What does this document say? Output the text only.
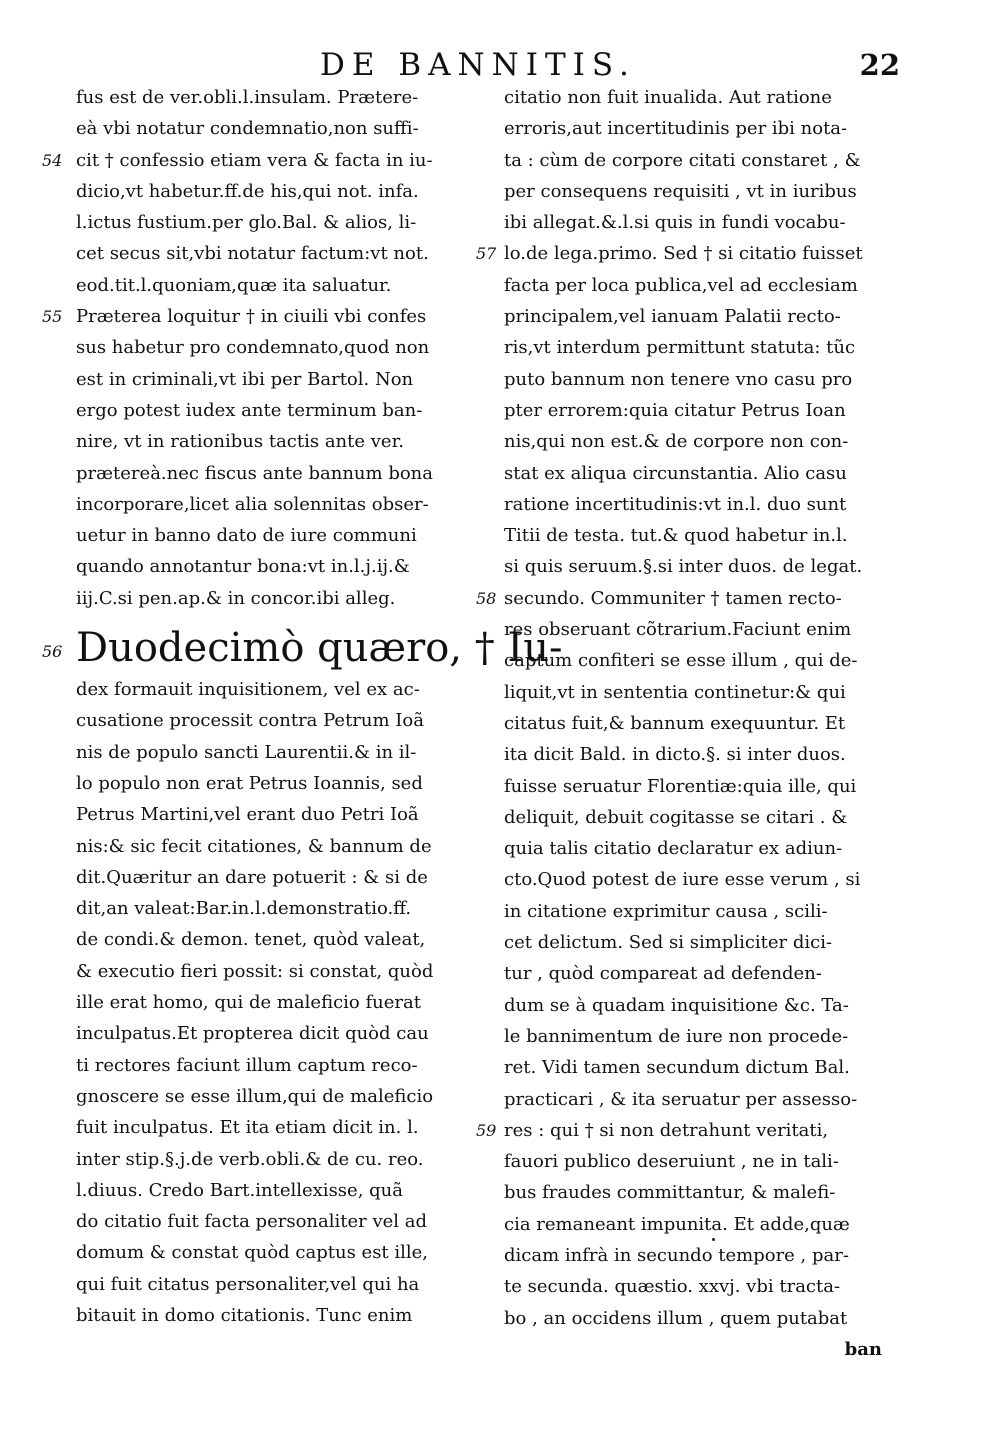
DE BANNITIS.	22
fus est de ver.obli.l.insulam. Prætere-
eà vbi notatur condemnatio,non suffi-
54 cit † confessio etiam vera & facta in iu-
dicio,vt habetur.ff.de his,qui not. infa.
l.ictus fustium.per glo.Bal. & alios, li-
cet secus sit,vbi notatur factum:vt not.
eod.tit.l.quoniam,quæ ita saluatur.
55 Præterea loquitur † in ciuili vbi confes
sus habetur pro condemnato,quod non
est in criminali,vt ibi per Bartol. Non
ergo potest iudex ante terminum ban-
nire, vt in rationibus tactis ante ver.
prætereà.nec fiscus ante bannum bona
incorporare,licet alia solennitas obser-
uetur in banno dato de iure communi
quando annotantur bona:vt in.l.j.ij.&
iij.C.si pen.ap.& in concor.ibi alleg.
56 Duodecimò quæro, † Iu-
dex formauit inquisitionem, vel ex ac-
cusatione processit contra Petrum Ioã
nis de populo sancti Laurentii.& in il-
lo populo non erat Petrus Ioannis, sed
Petrus Martini,vel erant duo Petri Ioã
nis:& sic fecit citationes, & bannum de
dit.Quæritur an dare potuerit : & si de
dit,an valeat:Bar.in.l.demonstratio.ff.
de condi.& demon. tenet, quòd valeat,
& executio fieri possit: si constat, quòd
ille erat homo, qui de maleficio fuerat
inculpatus.Et propterea dicit quòd cau
ti rectores faciunt illum captum reco-
gnoscere se esse illum,qui de maleficio
fuit inculpatus. Et ita etiam dicit in. l.
inter stip.§.j.de verb.obli.& de cu. reo.
l.diuus. Credo Bart.intellexisse, quã
do citatio fuit facta personaliter vel ad
domum & constat quòd captus est ille,
qui fuit citatus personaliter,vel qui ha
bitauit in domo citationis. Tunc enim
citatio non fuit inualida. Aut ratione
erroris,aut incertitudinis per ibi nota-
ta : cùm de corpore citati constaret , &
per consequens requisiti , vt in iuribus
ibi allegat.&.l.si quis in fundi vocabu-
57 lo.de lega.primo. Sed † si citatio fuisset
facta per loca publica,vel ad ecclesiam
principalem,vel ianuam Palatii recto-
ris,vt interdum permittunt statuta: tũc
puto bannum non tenere vno casu pro
pter errorem:quia citatur Petrus Ioan
nis,qui non est.& de corpore non con-
stat ex aliqua circunstantia. Alio casu
ratione incertitudinis:vt in.l. duo sunt
Titii de testa. tut.& quod habetur in.l.
si quis seruum.§.si inter duos. de legat.
58 secundo. Communiter † tamen recto-
res obseruant cõtrarium.Faciunt enim
captum confiteri se esse illum , qui de-
liquit,vt in sententia continetur:& qui
citatus fuit,& bannum exequuntur. Et
ita dicit Bald. in dicto.§. si inter duos.
fuisse seruatur Florentiæ:quia ille, qui
deliquit, debuit cogitasse se citari . &
quia talis citatio declaratur ex adiun-
cto.Quod potest de iure esse verum , si
in citatione exprimitur causa , scili-
cet delictum. Sed si simpliciter dici-
tur , quòd compareat ad defenden-
dum se à quadam inquisitione &c. Ta-
le bannimentum de iure non procede-
ret. Vidi tamen secundum dictum Bal.
practicari , & ita seruatur per assesso-
59 res : qui † si non detrahunt veritati,
fauori publico deseruiunt , ne in tali-
bus fraudes committantur, & malefi-
cia remaneant impunita. Et adde,quæ
dicam infrà in secundo tempore , par-
te secunda. quæstio. xxvj. vbi tracta-
bo , an occidens illum , quem putabat
ban
